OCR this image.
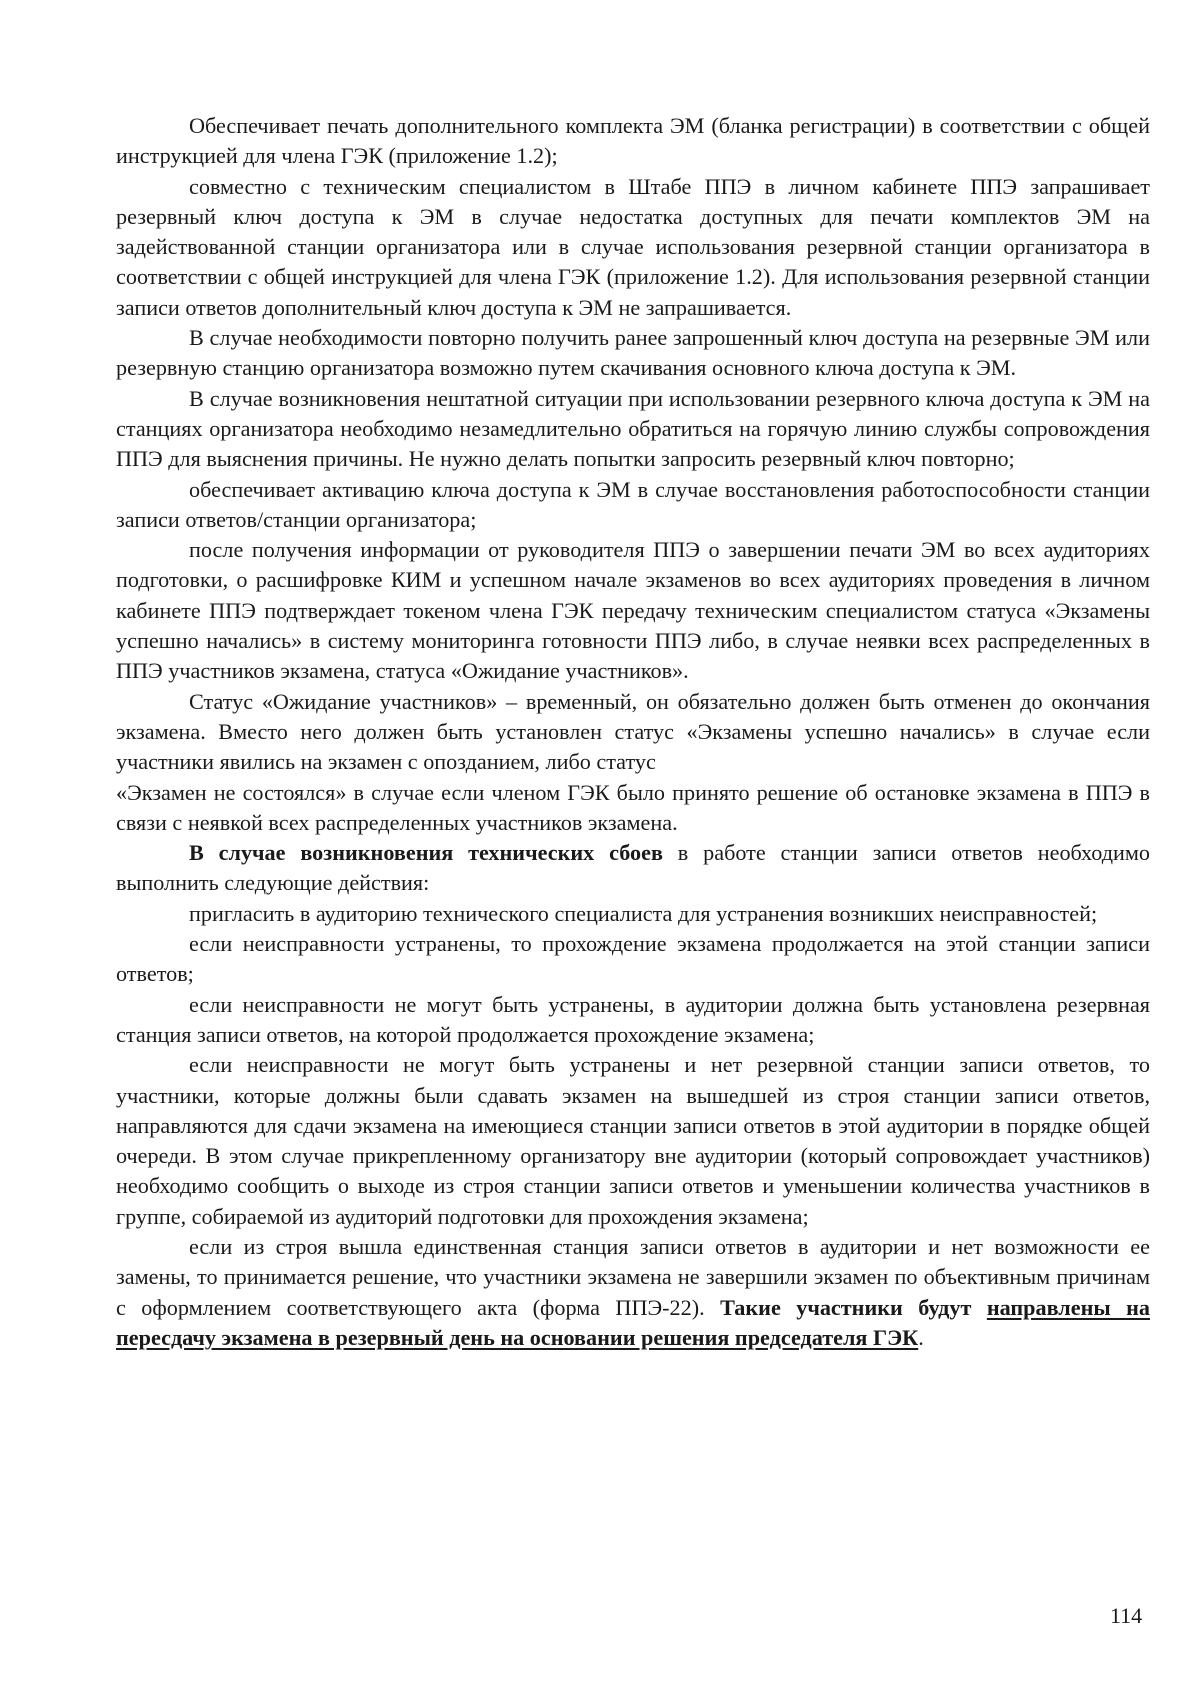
Обеспечивает печать дополнительного комплекта ЭМ (бланка регистрации) в соответствии с общей инструкцией для члена ГЭК (приложение 1.2);

совместно с техническим специалистом в Штабе ППЭ в личном кабинете ППЭ запрашивает резервный ключ доступа к ЭМ в случае недостатка доступных для печати комплектов ЭМ на задействованной станции организатора или в случае использования резервной станции организатора в соответствии с общей инструкцией для члена ГЭК (приложение 1.2). Для использования резервной станции записи ответов дополнительный ключ доступа к ЭМ не запрашивается.

В случае необходимости повторно получить ранее запрошенный ключ доступа на резервные ЭМ или резервную станцию организатора возможно путем скачивания основного ключа доступа к ЭМ.

В случае возникновения нештатной ситуации при использовании резервного ключа доступа к ЭМ на станциях организатора необходимо незамедлительно обратиться на горячую линию службы сопровождения ППЭ для выяснения причины. Не нужно делать попытки запросить резервный ключ повторно;

обеспечивает активацию ключа доступа к ЭМ в случае восстановления работоспособности станции записи ответов/станции организатора;

после получения информации от руководителя ППЭ о завершении печати ЭМ во всех аудиториях подготовки, о расшифровке КИМ и успешном начале экзаменов во всех аудиториях проведения в личном кабинете ППЭ подтверждает токеном члена ГЭК передачу техническим специалистом статуса «Экзамены успешно начались» в систему мониторинга готовности ППЭ либо, в случае неявки всех распределенных в ППЭ участников экзамена, статуса «Ожидание участников».

Статус «Ожидание участников» – временный, он обязательно должен быть отменен до окончания экзамена. Вместо него должен быть установлен статус «Экзамены успешно начались» в случае если участники явились на экзамен с опозданием, либо статус

«Экзамен не состоялся» в случае если членом ГЭК было принято решение об остановке экзамена в ППЭ в связи с неявкой всех распределенных участников экзамена.

В случае возникновения технических сбоев в работе станции записи ответов необходимо выполнить следующие действия:

пригласить в аудиторию технического специалиста для устранения возникших неисправностей;

если неисправности устранены, то прохождение экзамена продолжается на этой станции записи ответов;

если неисправности не могут быть устранены, в аудитории должна быть установлена резервная станция записи ответов, на которой продолжается прохождение экзамена;

если неисправности не могут быть устранены и нет резервной станции записи ответов, то участники, которые должны были сдавать экзамен на вышедшей из строя станции записи ответов, направляются для сдачи экзамена на имеющиеся станции записи ответов в этой аудитории в порядке общей очереди. В этом случае прикрепленному организатору вне аудитории (который сопровождает участников) необходимо сообщить о выходе из строя станции записи ответов и уменьшении количества участников в группе, собираемой из аудиторий подготовки для прохождения экзамена;

если из строя вышла единственная станция записи ответов в аудитории и нет возможности ее замены, то принимается решение, что участники экзамена не завершили экзамен по объективным причинам с оформлением соответствующего акта (форма ППЭ-22). Такие участники будут направлены на пересдачу экзамена в резервный день на основании решения председателя ГЭК.

114
